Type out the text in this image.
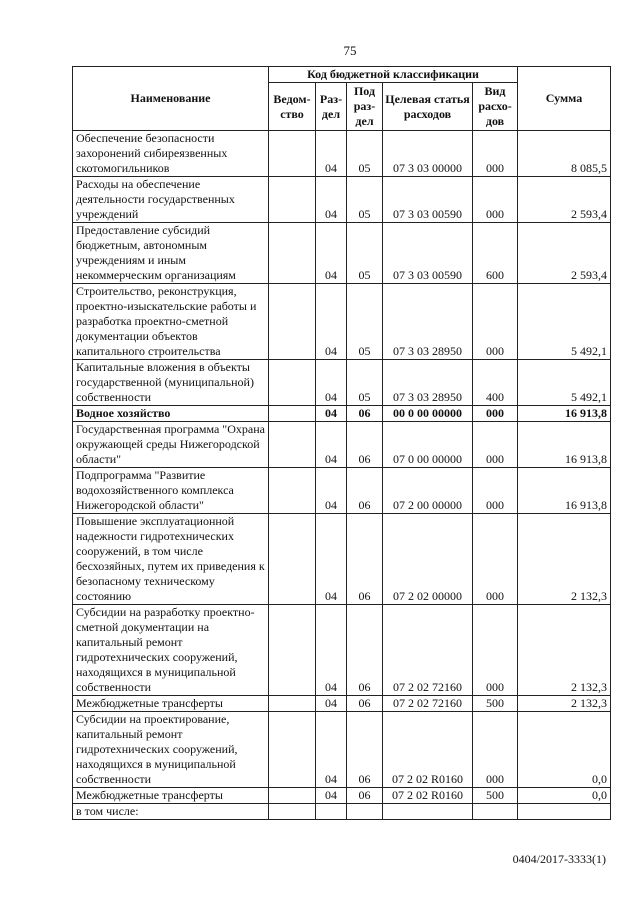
75
Наименование	Код бюджетной классификации					Сумма
	Ведом-ство	Раз-дел	Под раз-дел	Целевая статья расходов	Вид расхо-дов	
Обеспечение безопасности захоронений сибиреязвенных скотомогильников		04	05	07 3 03 00000	000	8 085,5
Расходы на обеспечение деятельности государственных учреждений		04	05	07 3 03 00590	000	2 593,4
Предоставление субсидий бюджетным, автономным учреждениям и иным некоммерческим организациям		04	05	07 3 03 00590	600	2 593,4
Строительство, реконструкция, проектно-изыскательские работы и разработка проектно-сметной документации объектов капитального строительства		04	05	07 3 03 28950	000	5 492,1
Капитальные вложения в объекты государственной (муниципальной) собственности		04	05	07 3 03 28950	400	5 492,1
Водное хозяйство		04	06	00 0 00 00000	000	16 913,8
Государственная программа "Охрана окружающей среды Нижегородской области"		04	06	07 0 00 00000	000	16 913,8
Подпрограмма "Развитие водохозяйственного комплекса Нижегородской области"		04	06	07 2 00 00000	000	16 913,8
Повышение эксплуатационной надежности гидротехнических сооружений, в том числе бесхозяйных, путем их приведения к безопасному техническому состоянию		04	06	07 2 02 00000	000	2 132,3
Субсидии на разработку проектно-сметной документации на капитальный ремонт гидротехнических сооружений, находящихся в муниципальной собственности		04	06	07 2 02 72160	000	2 132,3
Межбюджетные трансферты		04	06	07 2 02 72160	500	2 132,3
Субсидии на проектирование, капитальный ремонт гидротехнических сооружений, находящихся в муниципальной собственности		04	06	07 2 02 R0160	000	0,0
Межбюджетные трансферты		04	06	07 2 02 R0160	500	0,0
в том числе:						
0404/2017-3333(1)
